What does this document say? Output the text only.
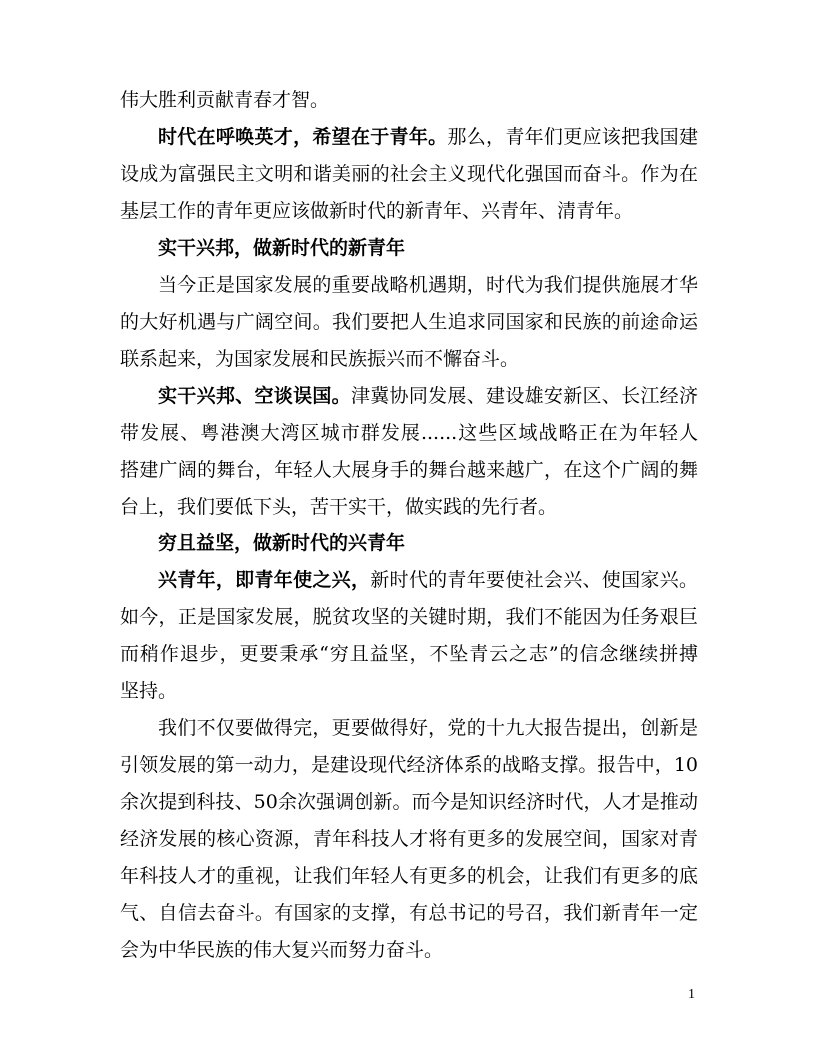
伟大胜利贡献青春才智。
时代在呼唤英才，希望在于青年。那么，青年们更应该把我国建
设成为富强民主文明和谐美丽的社会主义现代化强国而奋斗。作为在
基层工作的青年更应该做新时代的新青年、兴青年、清青年。
实干兴邦，做新时代的新青年
当今正是国家发展的重要战略机遇期，时代为我们提供施展才华
的大好机遇与广阔空间。我们要把人生追求同国家和民族的前途命运
联系起来，为国家发展和民族振兴而不懈奋斗。
实干兴邦、空谈误国。津冀协同发展、建设雄安新区、长江经济
带发展、粤港澳大湾区城市群发展......这些区域战略正在为年轻人
搭建广阔的舞台，年轻人大展身手的舞台越来越广，在这个广阔的舞
台上，我们要低下头，苦干实干，做实践的先行者。
穷且益坚，做新时代的兴青年
兴青年，即青年使之兴，新时代的青年要使社会兴、使国家兴。
如今，正是国家发展，脱贫攻坚的关键时期，我们不能因为任务艰巨
而稍作退步，更要秉承“穷且益坚，不坠青云之志”的信念继续拼搏
坚持。
我们不仅要做得完，更要做得好，党的十九大报告提出，创新是
引领发展的第一动力，是建设现代经济体系的战略支撑。报告中，10
余次提到科技、50余次强调创新。而今是知识经济时代，人才是推动
经济发展的核心资源，青年科技人才将有更多的发展空间，国家对青
年科技人才的重视，让我们年轻人有更多的机会，让我们有更多的底
气、自信去奋斗。有国家的支撑，有总书记的号召，我们新青年一定
会为中华民族的伟大复兴而努力奋斗。
1
